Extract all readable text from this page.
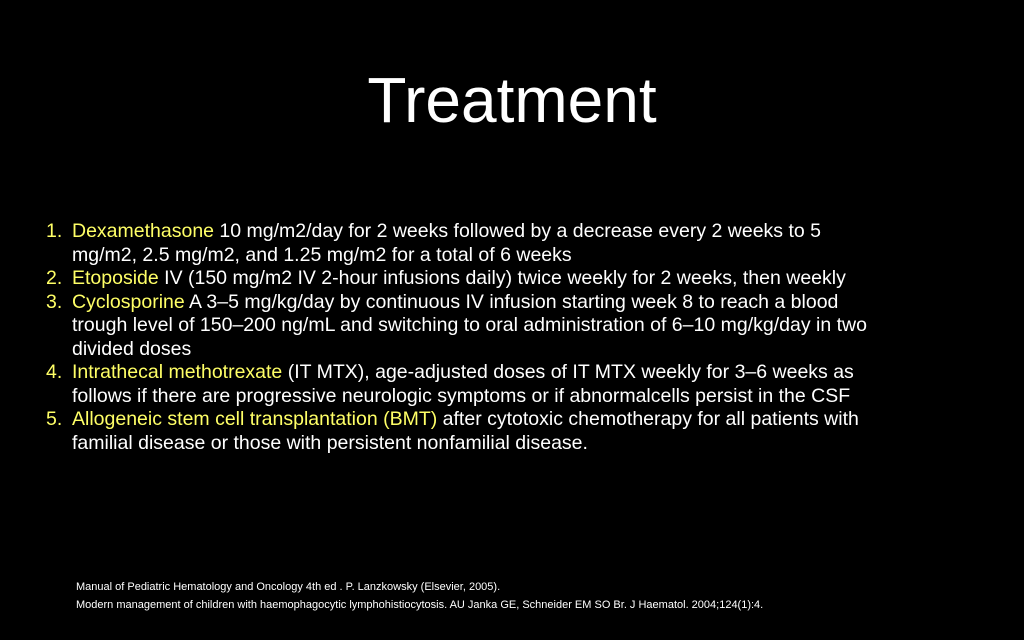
Treatment
1. Dexamethasone 10 mg/m2/day for 2 weeks followed by a decrease every 2 weeks to 5 mg/m2, 2.5 mg/m2, and 1.25 mg/m2 for a total of 6 weeks
2. Etoposide IV (150 mg/m2 IV 2-hour infusions daily) twice weekly for 2 weeks, then weekly
3. Cyclosporine A 3–5 mg/kg/day by continuous IV infusion starting week 8 to reach a blood trough level of 150–200 ng/mL and switching to oral administration of 6–10 mg/kg/day in two divided doses
4. Intrathecal methotrexate (IT MTX), age-adjusted doses of IT MTX weekly for 3–6 weeks as follows if there are progressive neurologic symptoms or if abnormalcells persist in the CSF
5. Allogeneic stem cell transplantation (BMT) after cytotoxic chemotherapy for all patients with familial disease or those with persistent nonfamilial disease.

Manual of Pediatric Hematology and Oncology 4th ed . P. Lanzkowsky (Elsevier, 2005).

Modern management of children with haemophagocytic lymphohistiocytosis. AU Janka GE, Schneider EM SO Br. J Haematol. 2004;124(1):4.
